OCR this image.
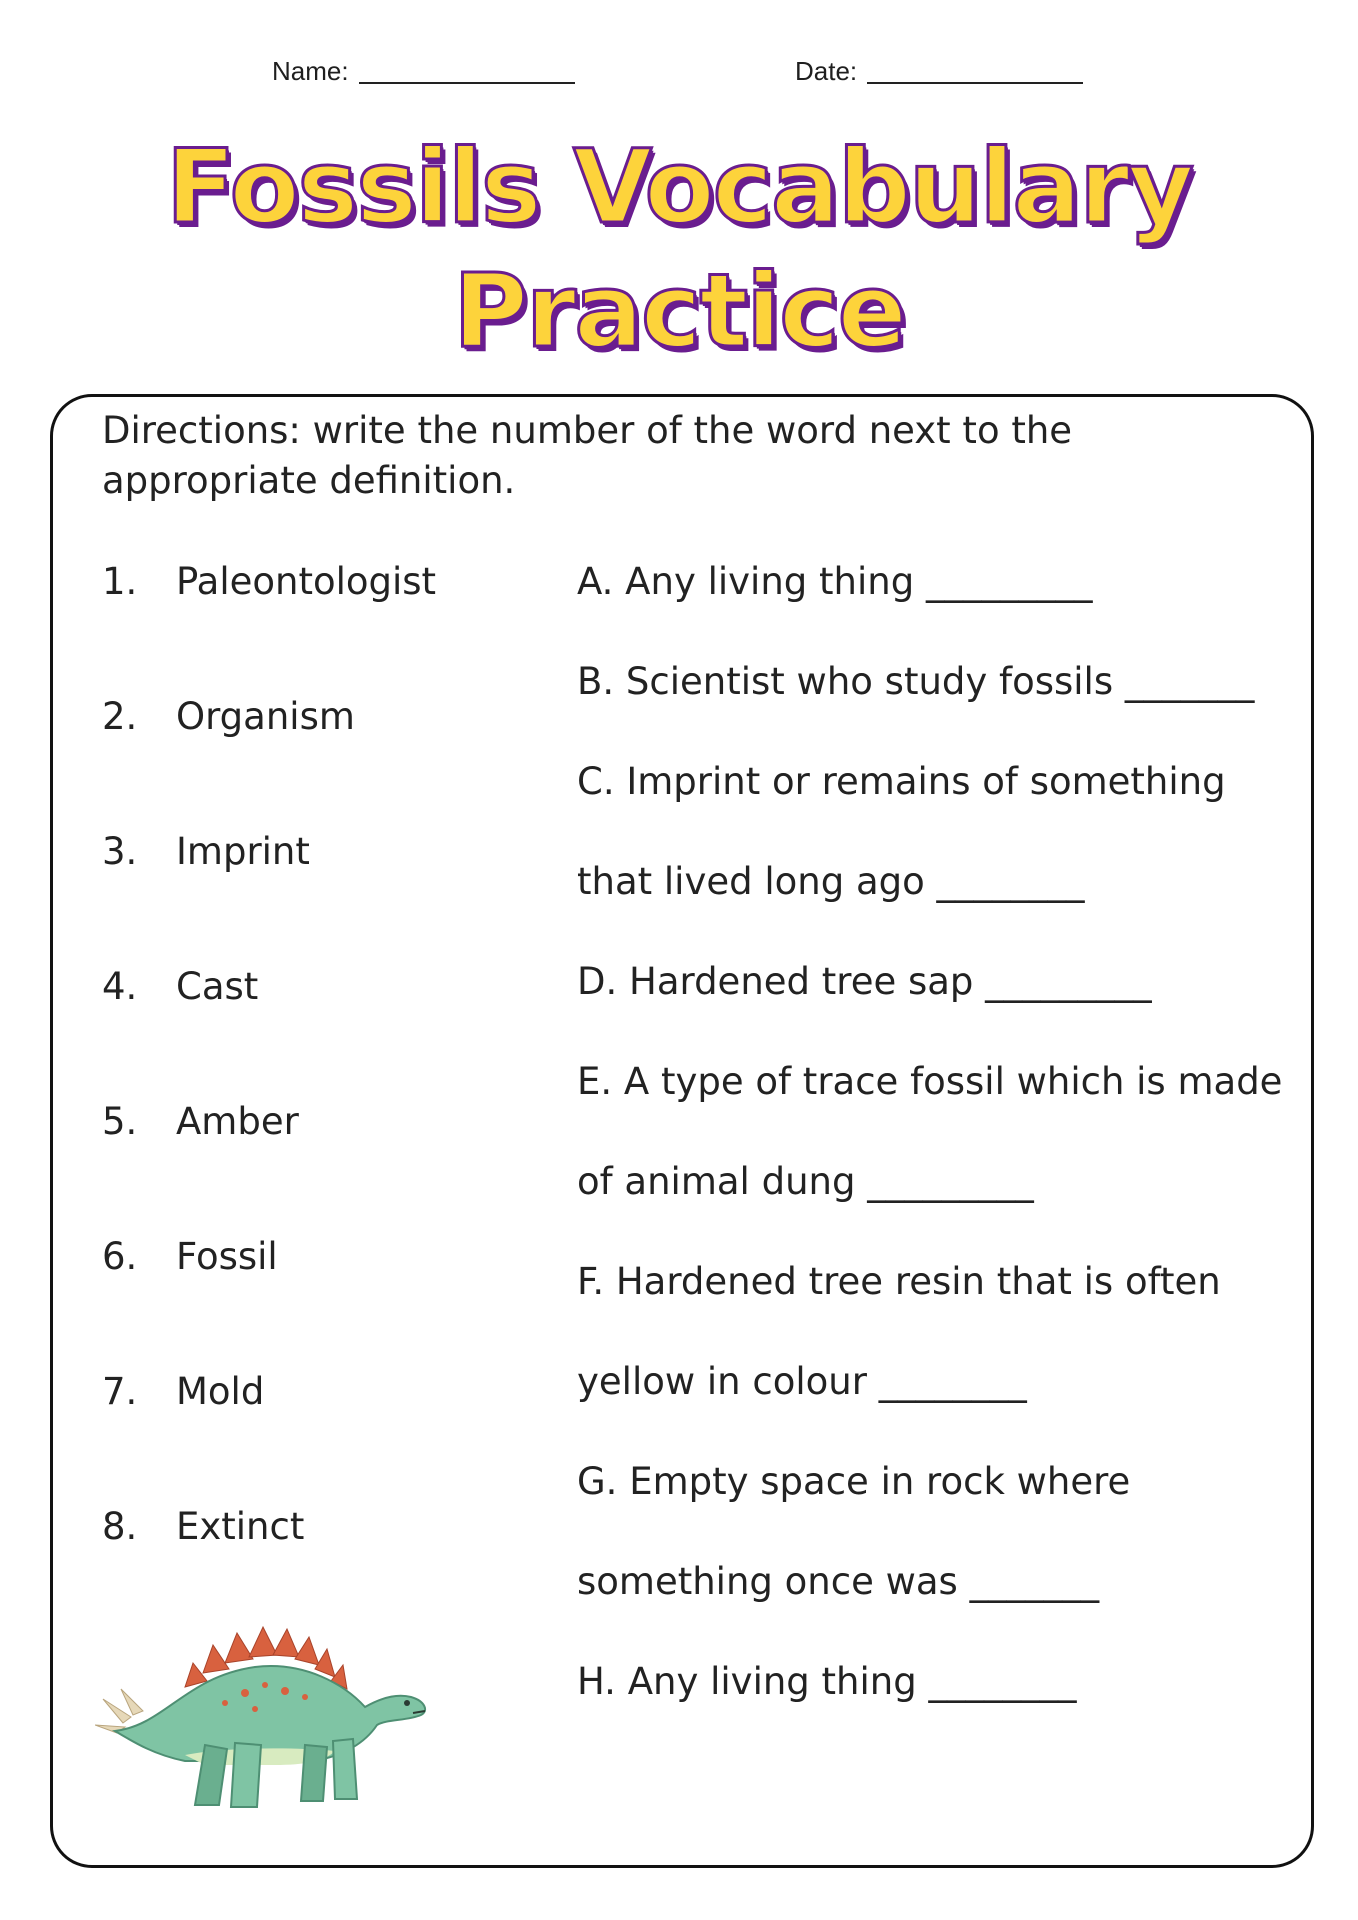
Name:	Date:
Fossils Vocabulary
Practice
Directions: write the number of the word next to the appropriate definition.
1. Paleontologist
2. Organism
3. Imprint
4. Cast
5. Amber
6. Fossil
7. Mold
8. Extinct
A. Any living thing _________
B. Scientist who study fossils _______
C. Imprint or remains of something
that lived long ago ________
D. Hardened tree sap _________
E. A type of trace fossil which is made
of animal dung _________
F. Hardened tree resin that is often
yellow in colour ________
G. Empty space in rock where
something once was _______
H. Any living thing ________
